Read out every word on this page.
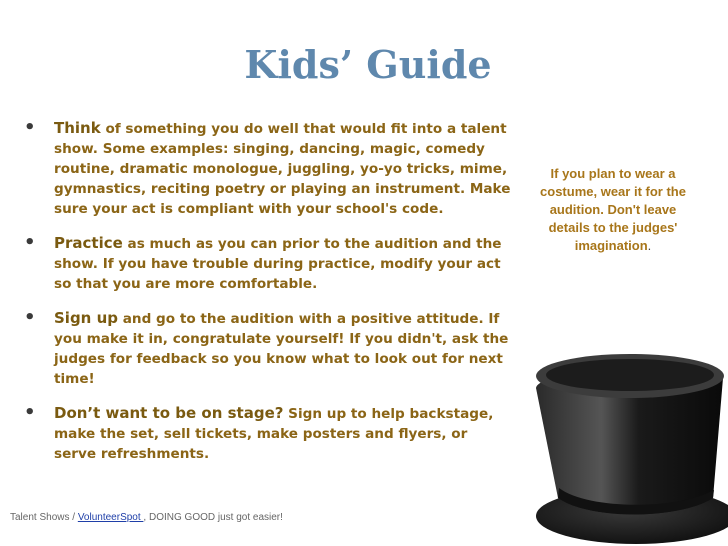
Kids’ Guide
• Think of something you do well that would fit into a talent show. Some examples: singing, dancing, magic, comedy routine, dramatic monologue, juggling, yo-yo tricks, mime, gymnastics, reciting poetry or playing an instrument. Make sure your act is compliant with your school's code.
• Practice as much as you can prior to the audition and the show. If you have trouble during practice, modify your act so that you are more comfortable.
• Sign up and go to the audition with a positive attitude. If you make it in, congratulate yourself! If you didn't, ask the judges for feedback so you know what to look out for next time!
• Don’t want to be on stage? Sign up to help backstage, make the set, sell tickets, make posters and flyers, or serve refreshments.
If you plan to wear a costume, wear it for the audition. Don't leave details to the judges' imagination.
Talent Shows / VolunteerSpot , DOING GOOD just got easier!
